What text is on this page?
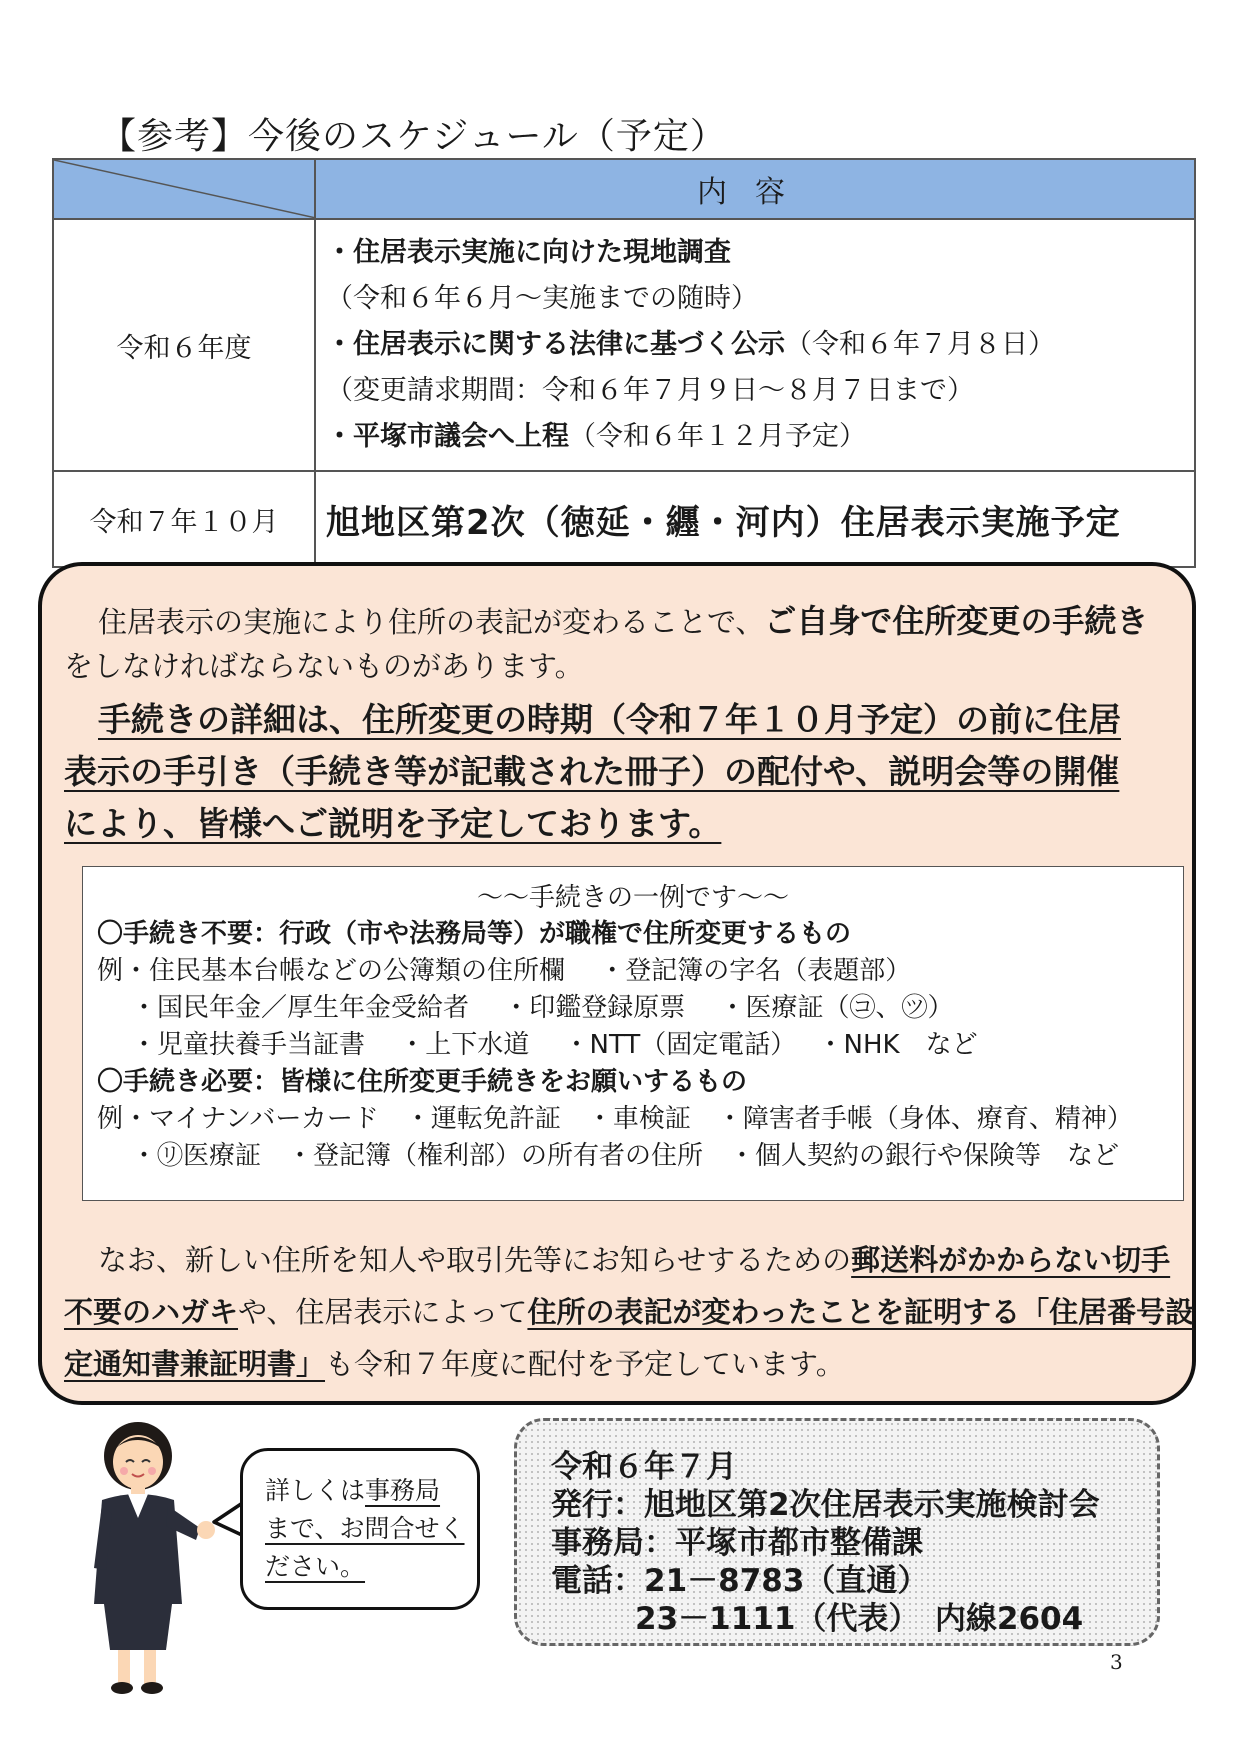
【参考】今後のスケジュール（予定）
	内容
令和６年度	・住居表示実施に向けた現地調査
（令和６年６月～実施までの随時）
・住居表示に関する法律に基づく公示（令和６年７月８日）
（変更請求期間：令和６年７月９日～８月７日まで）
・平塚市議会へ上程（令和６年１２月予定）

令和７年１０月	旭地区第2次（徳延・纒・河内）住居表示実施予定
住居表示の実施により住所の表記が変わることで、ご自身で住所変更の手続き
をしなければならないものがあります。
手続きの詳細は、住所変更の時期（令和７年１０月予定）の前に住居
表示の手引き（手続き等が記載された冊子）の配付や、説明会等の開催
により、皆様へご説明を予定しております。
～～手続きの一例です～～
〇手続き不要：行政（市や法務局等）が職権で住所変更するもの
例・住民基本台帳などの公簿類の住所欄　 ・登記簿の字名（表題部）
・国民年金／厚生年金受給者　 ・印鑑登録原票　 ・医療証（㋙、㋡）
・児童扶養手当証書　 ・上下水道　 ・NTT（固定電話）　 ・NHK　など
〇手続き必要：皆様に住所変更手続きをお願いするもの
例・マイナンバーカード　・運転免許証　・車検証　・障害者手帳（身体、療育、精神）
・㋷医療証　・登記簿（権利部）の所有者の住所　・個人契約の銀行や保険等　など
なお、新しい住所を知人や取引先等にお知らせするための郵送料がかからない切手
不要のハガキや、住居表示によって住所の表記が変わったことを証明する「住居番号設
定通知書兼証明書」も令和７年度に配付を予定しています。
詳しくは事務局
まで、お問合せく
ださい。
令和６年７月
発行：旭地区第2次住居表示実施検討会
事務局：平塚市都市整備課
電話：21－8783（直通）
23－1111（代表）　内線2604
3
